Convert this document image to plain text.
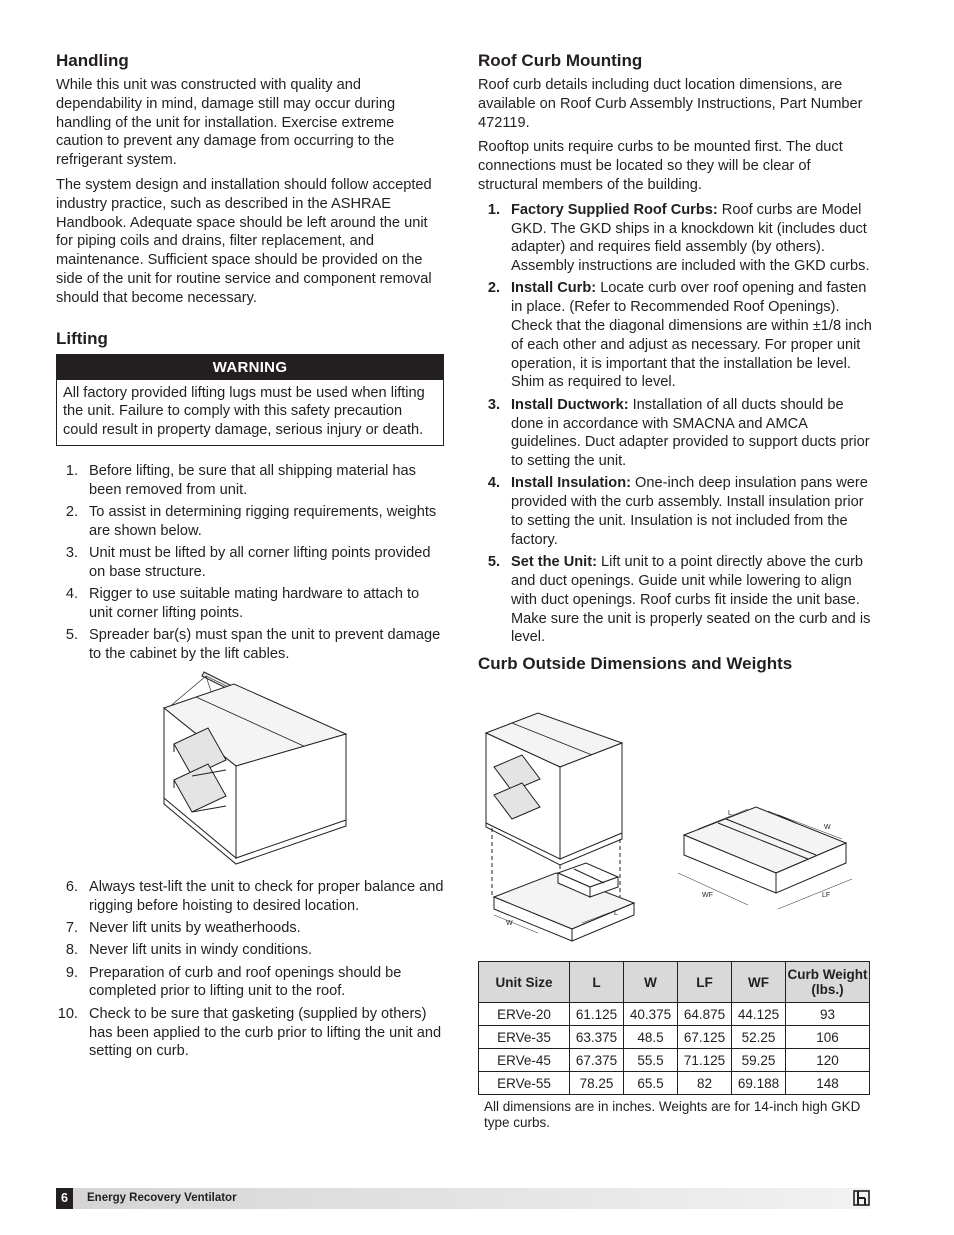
Handling

While this unit was constructed with quality and dependability in mind, damage still may occur during handling of the unit for installation. Exercise extreme caution to prevent any damage from occurring to the refrigerant system.

The system design and installation should follow accepted industry practice, such as described in the ASHRAE Handbook. Adequate space should be left around the unit for piping coils and drains, filter replacement, and maintenance. Sufficient space should be provided on the side of the unit for routine service and component removal should that become necessary.

Lifting
WARNING
All factory provided lifting lugs must be used when lifting the unit. Failure to comply with this safety precaution could result in property damage, serious injury or death.
1. Before lifting, be sure that all shipping material has been removed from unit.
2. To assist in determining rigging requirements, weights are shown below.
3. Unit must be lifted by all corner lifting points provided on base structure.
4. Rigger to use suitable mating hardware to attach to unit corner lifting points.
5. Spreader bar(s) must span the unit to prevent damage to the cabinet by the lift cables.
6. Always test-lift the unit to check for proper balance and rigging before hoisting to desired location.
7. Never lift units by weatherhoods.
8. Never lift units in windy conditions.
9. Preparation of curb and roof openings should be completed prior to lifting unit to the roof.
10. Check to be sure that gasketing (supplied by others) has been applied to the curb prior to lifting the unit and setting on curb.
Roof Curb Mounting

Roof curb details including duct location dimensions, are available on Roof Curb Assembly Instructions, Part Number 472119.

Rooftop units require curbs to be mounted first. The duct connections must be located so they will be clear of structural members of the building.

1. Factory Supplied Roof Curbs: Roof curbs are Model GKD. The GKD ships in a knockdown kit (includes duct adapter) and requires field assembly (by others). Assembly instructions are included with the GKD curbs.
2. Install Curb: Locate curb over roof opening and fasten in place. (Refer to Recommended Roof Openings). Check that the diagonal dimensions are within ±1/8 inch of each other and adjust as necessary. For proper unit operation, it is important that the installation be level. Shim as required to level.
3. Install Ductwork: Installation of all ducts should be done in accordance with SMACNA and AMCA guidelines. Duct adapter provided to support ducts prior to setting the unit.
4. Install Insulation: One-inch deep insulation pans were provided with the curb assembly. Install insulation prior to setting the unit. Insulation is not included from the factory.
5. Set the Unit: Lift unit to a point directly above the curb and duct openings. Guide unit while lowering to align with duct openings. Roof curbs fit inside the unit base. Make sure the unit is properly seated on the curb and is level.
Curb Outside Dimensions and Weights
L
W
WF	LF
W
L
Unit Size	L	W	LF	WF	Curb Weight (lbs.)
ERVe-20	61.125	40.375	64.875	44.125	93
ERVe-35	63.375	48.5	67.125	52.25	106
ERVe-45	67.375	55.5	71.125	59.25	120
ERVe-55	78.25	65.5	82	69.188	148
All dimensions are in inches. Weights are for 14-inch high GKD type curbs.
6	Energy Recovery Ventilator
